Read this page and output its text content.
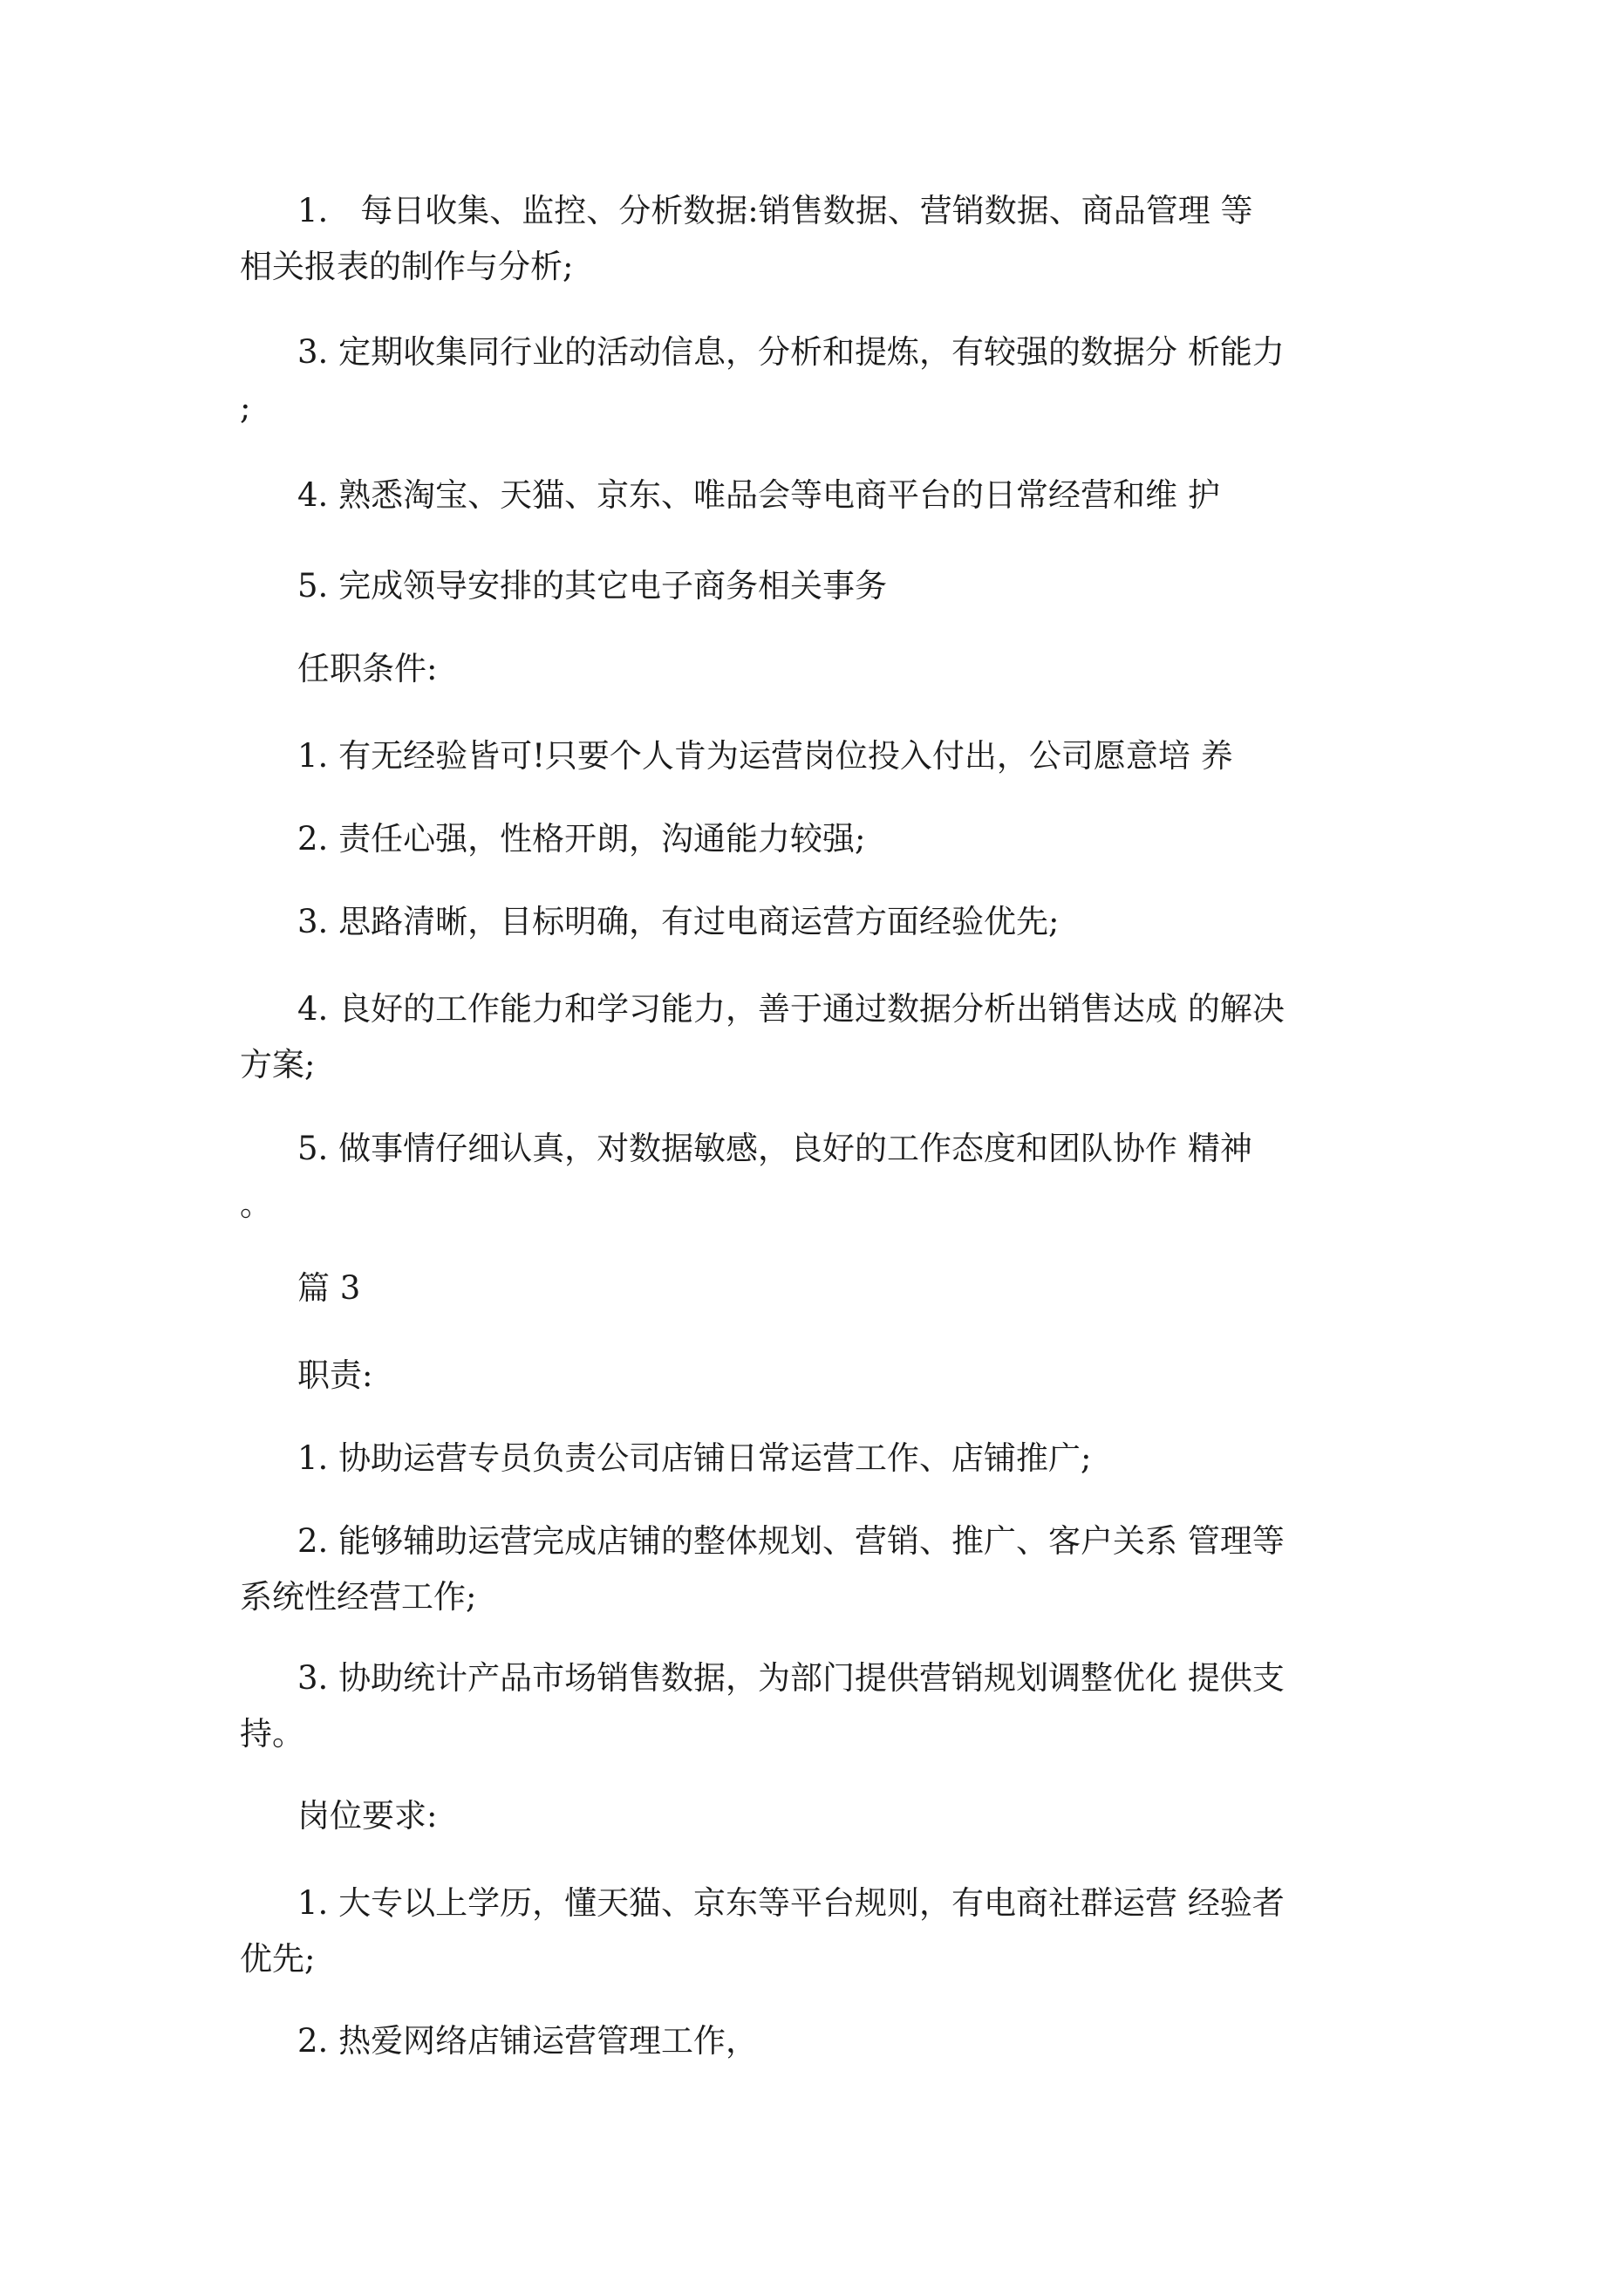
1.　每日收集、监控、分析数据:销售数据、营销数据、商品管理 等
相关报表的制作与分析;
3. 定期收集同行业的活动信息，分析和提炼，有较强的数据分 析能力
;
4. 熟悉淘宝、天猫、京东、唯品会等电商平台的日常经营和维 护
5. 完成领导安排的其它电子商务相关事务
任职条件:
1. 有无经验皆可!只要个人肯为运营岗位投入付出，公司愿意培 养
2. 责任心强，性格开朗，沟通能力较强;
3. 思路清晰，目标明确，有过电商运营方面经验优先;
4. 良好的工作能力和学习能力，善于通过数据分析出销售达成 的解决
方案;
5. 做事情仔细认真，对数据敏感，良好的工作态度和团队协作 精神
。
篇 3
职责:
1. 协助运营专员负责公司店铺日常运营工作、店铺推广;
2. 能够辅助运营完成店铺的整体规划、营销、推广、客户关系 管理等
系统性经营工作;
3. 协助统计产品市场销售数据，为部门提供营销规划调整优化 提供支
持。
岗位要求:
1. 大专以上学历，懂天猫、京东等平台规则，有电商社群运营 经验者
优先;
2. 热爱网络店铺运营管理工作，
